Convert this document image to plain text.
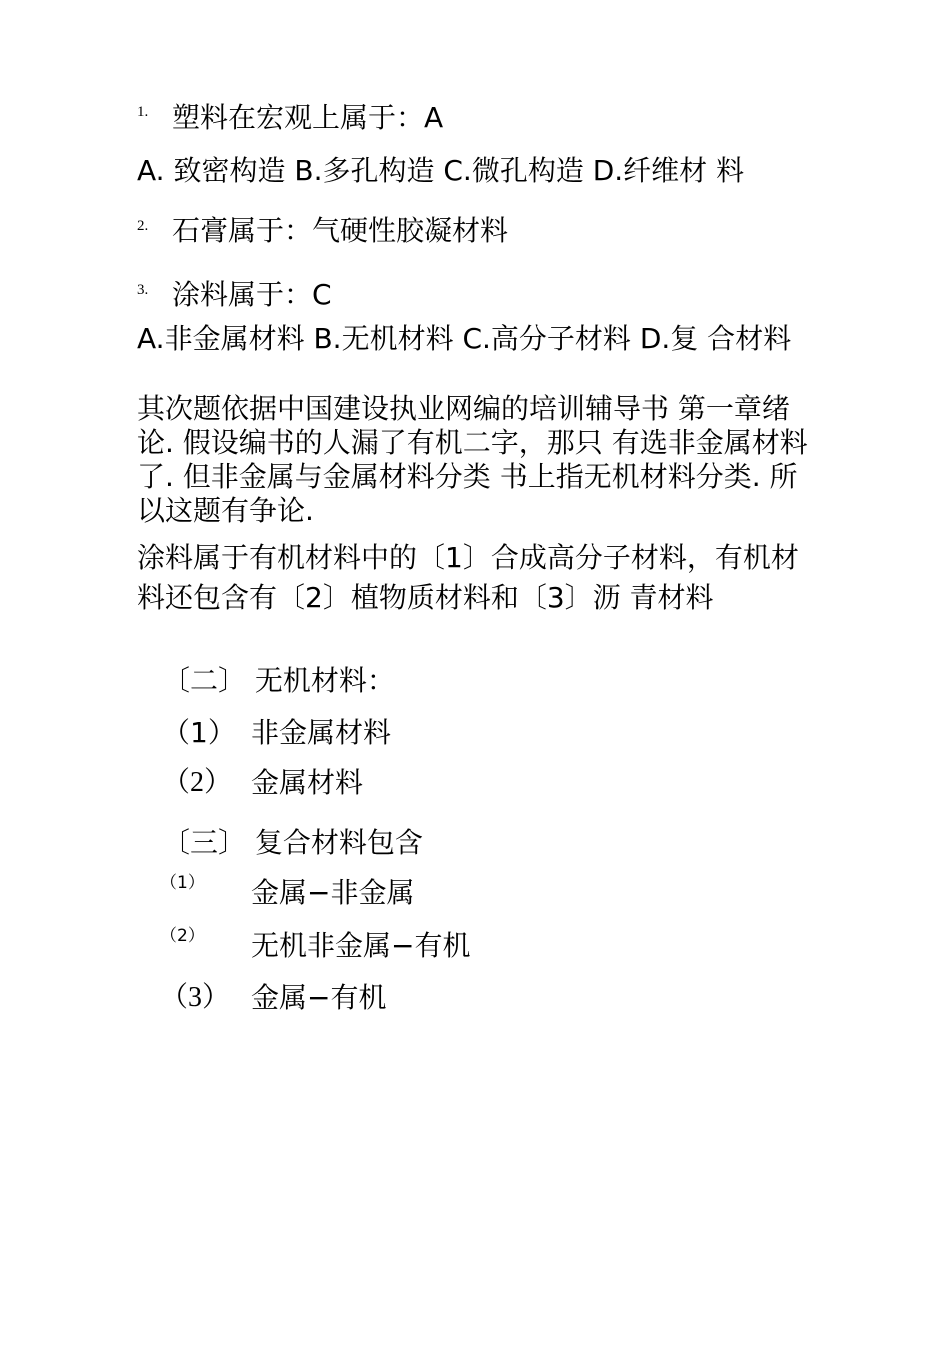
1. 塑料在宏观上属于：A
A. 致密构造 B.多孔构造 C.微孔构造 D.纤维材 料
2. 石膏属于：气硬性胶凝材料
3. 涂料属于：C
A.非金属材料 B.无机材料 C.高分子材料 D.复 合材料
其次题依据中国建设执业网编的培训辅导书 第一章绪论. 假设编书的人漏了有机二字，那只 有选非金属材料了. 但非金属与金属材料分类 书上指无机材料分类. 所以这题有争论.
涂料属于有机材料中的〔1〕合成高分子材料，有机材料还包含有〔2〕植物质材料和〔3〕沥 青材料
〔二〕 无机材料：
（1） 非金属材料
（2） 金属材料
〔三〕 复合材料包含
（1） 金属−非金属
（2） 无机非金属−有机
（3） 金属−有机
